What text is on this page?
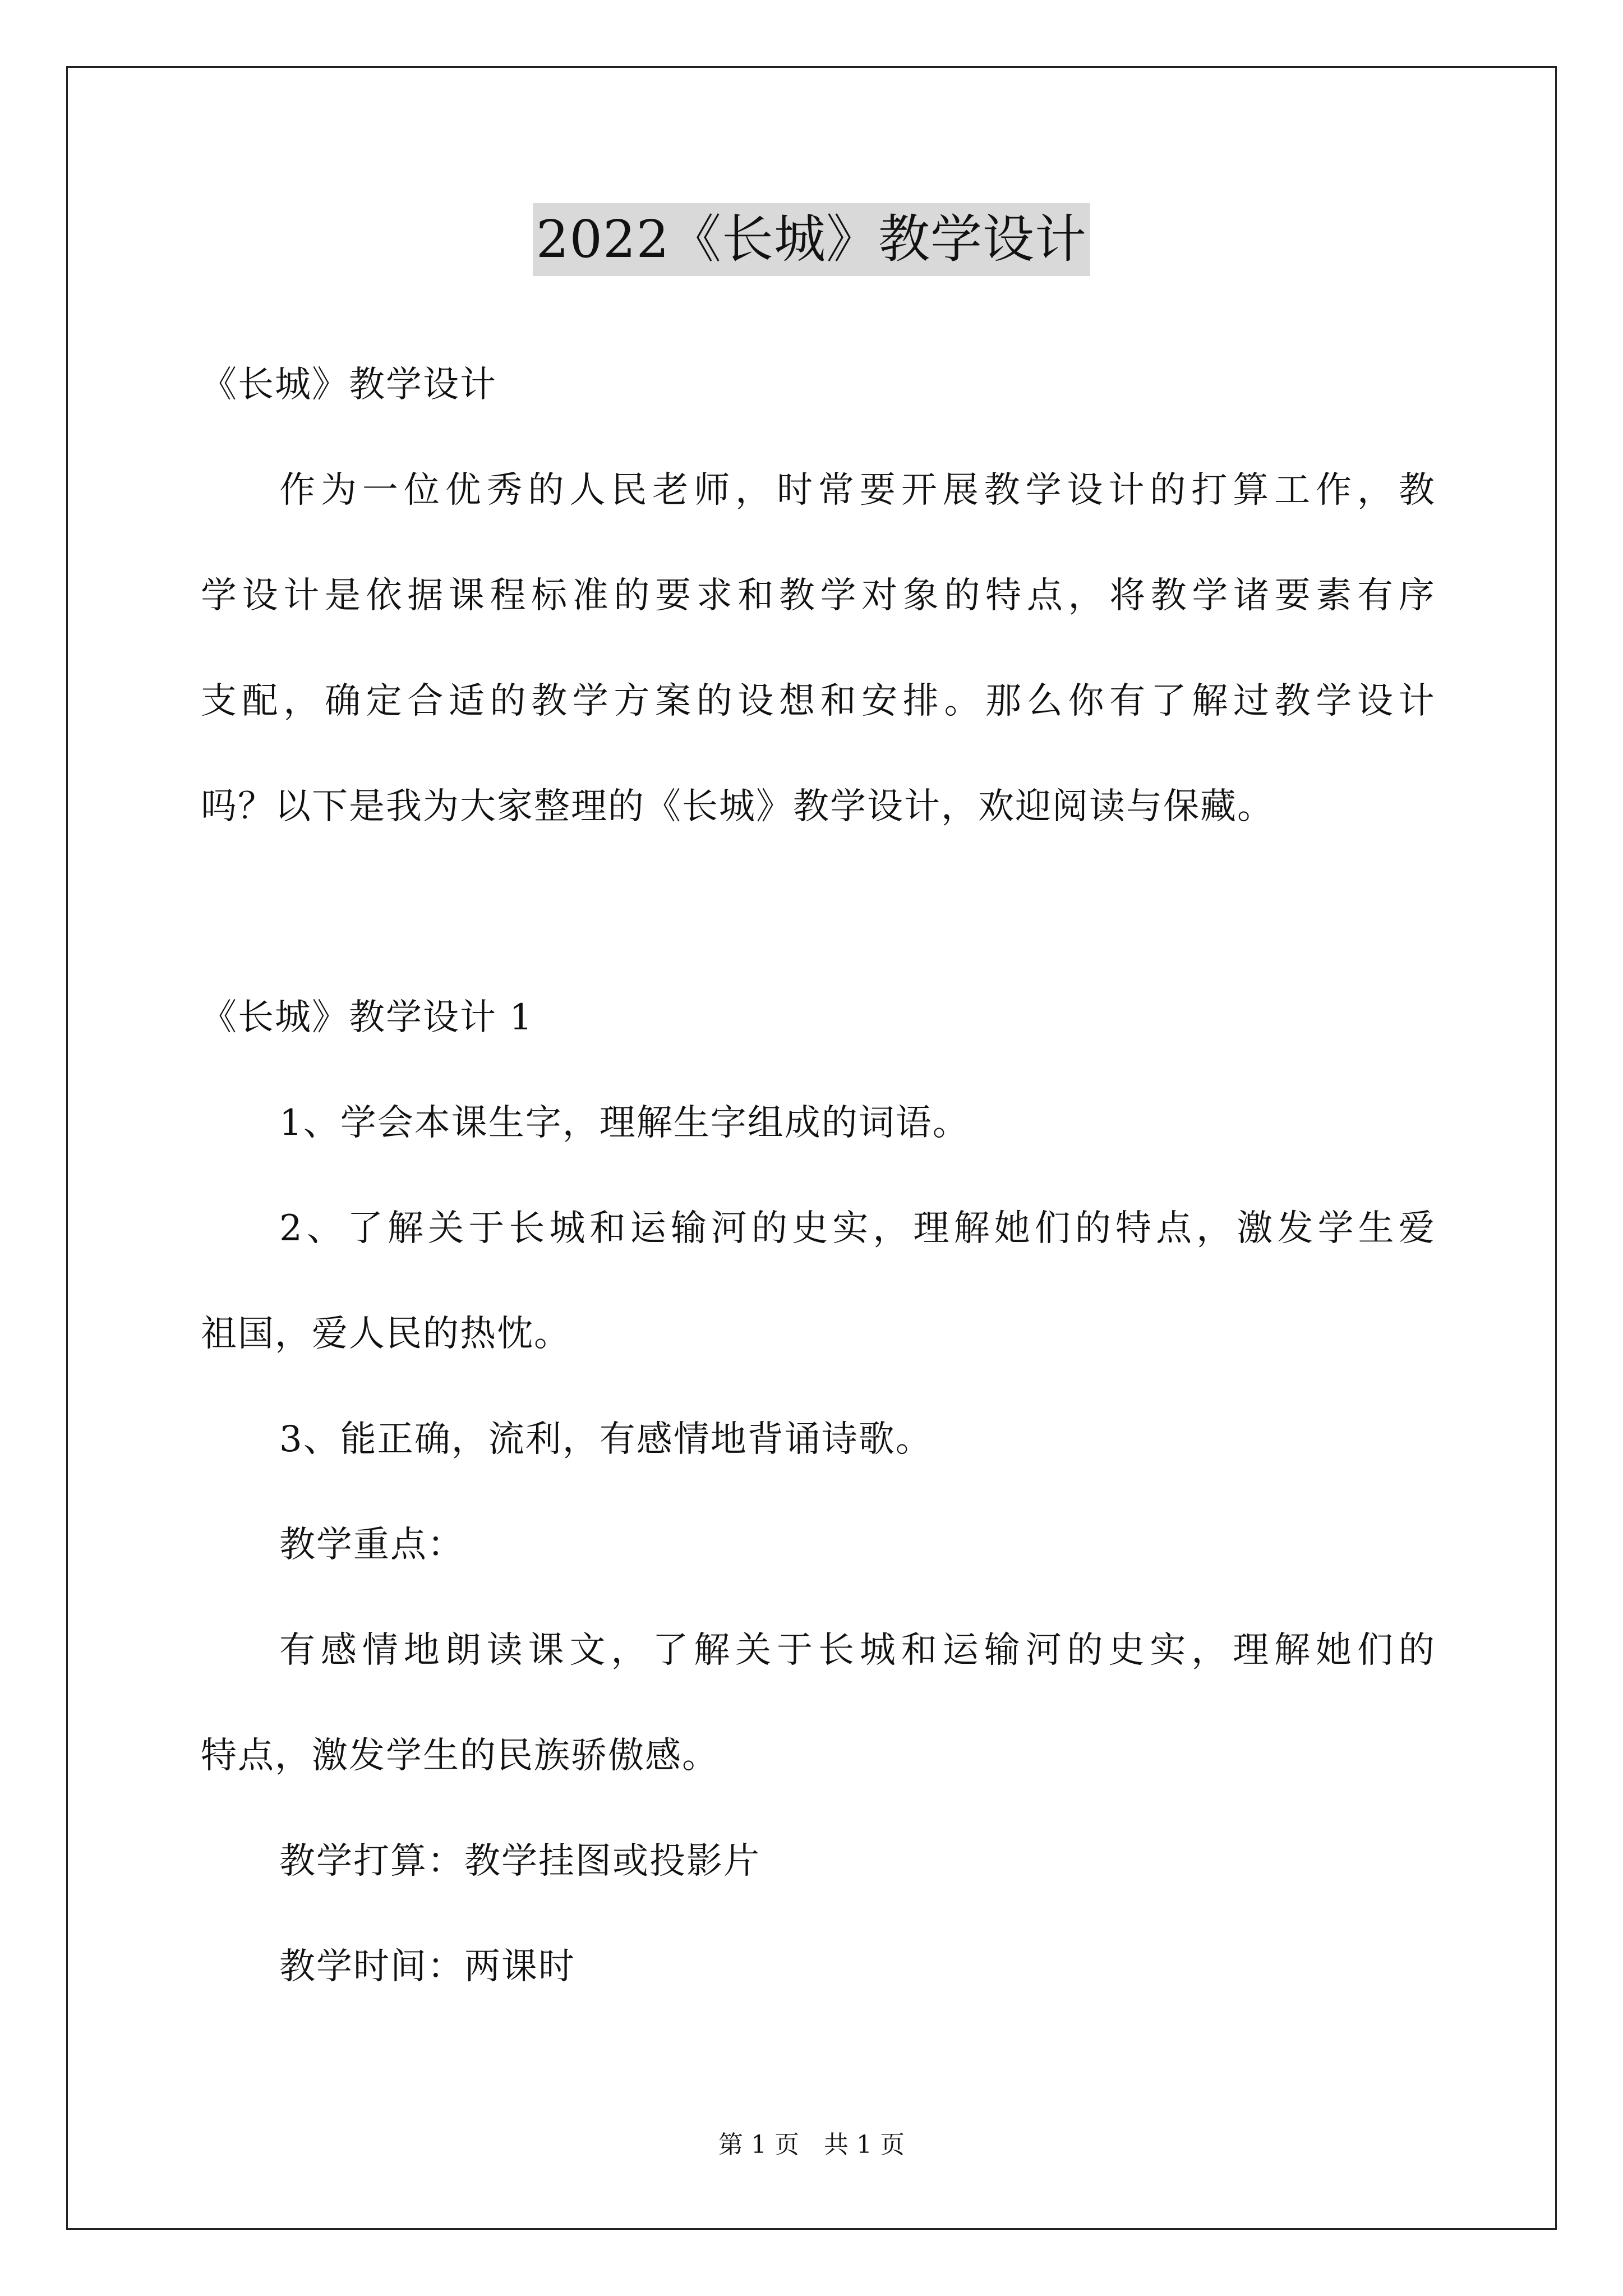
2022《长城》教学设计
《长城》教学设计
作 为 一 位 优 秀 的 人 民 老 师 ， 时 常 要 开 展 教 学 设 计 的 打 算 工 作 ， 教
学 设 计 是 依 据 课 程 标 准 的 要 求 和 教 学 对 象 的 特 点 ， 将 教 学 诸 要 素 有 序
支 配 ， 确 定 合 适 的 教 学 方 案 的 设 想 和 安 排 。 那 么 你 有 了 解 过 教 学 设 计
吗？以下是我为大家整理的《长城》教学设计，欢迎阅读与保藏。
《长城》教学设计 1
1、学会本课生字，理解生字组成的词语。
2 、 了 解 关 于 长 城 和 运 输 河 的 史 实 ， 理 解 她 们 的 特 点 ， 激 发 学 生 爱
祖国，爱人民的热忱。
3、能正确，流利，有感情地背诵诗歌。
教学重点：
有 感 情 地 朗 读 课 文 ， 了 解 关 于 长 城 和 运 输 河 的 史 实 ， 理 解 她 们 的
特点，激发学生的民族骄傲感。
教学打算：教学挂图或投影片
教学时间：两课时
第 1 页　共 1 页
